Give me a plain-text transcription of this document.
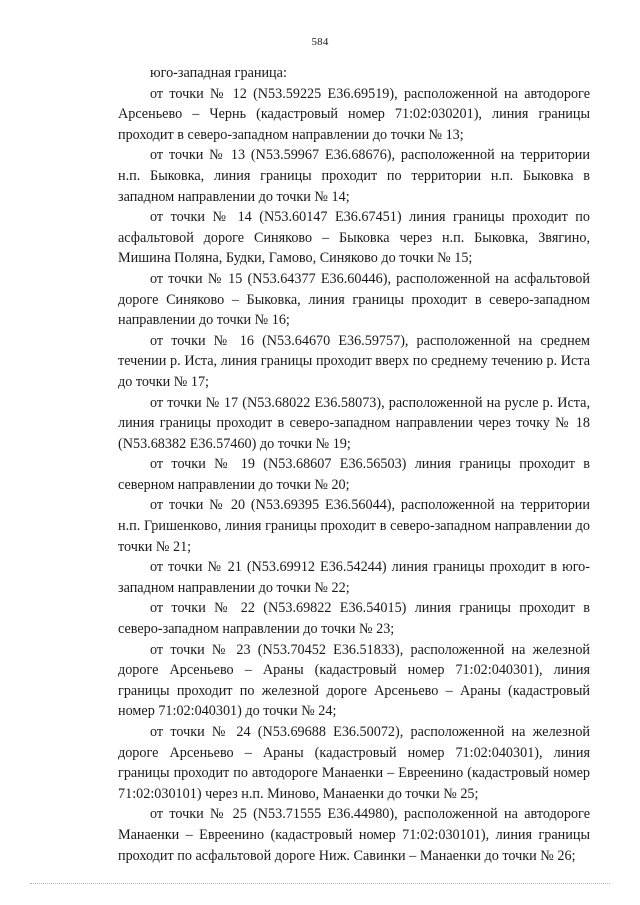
584

юго-западная граница:

от точки № 12 (N53.59225 E36.69519), расположенной на автодороге Арсеньево – Чернь (кадастровый номер 71:02:030201), линия границы проходит в северо-западном направлении до точки № 13;

от точки № 13 (N53.59967 E36.68676), расположенной на территории н.п. Быковка, линия границы проходит по территории н.п. Быковка в западном направлении до точки № 14;

от точки № 14 (N53.60147 E36.67451) линия границы проходит по асфальтовой дороге Синяково – Быковка через н.п. Быковка, Звягино, Мишина Поляна, Будки, Гамово, Синяково до точки № 15;

от точки № 15 (N53.64377 E36.60446), расположенной на асфальтовой дороге Синяково – Быковка, линия границы проходит в северо-западном направлении до точки № 16;

от точки № 16 (N53.64670 E36.59757), расположенной на среднем течении р. Иста, линия границы проходит вверх по среднему течению р. Иста до точки № 17;

от точки № 17 (N53.68022 E36.58073), расположенной на русле р. Иста, линия границы проходит в северо-западном направлении через точку № 18 (N53.68382 E36.57460) до точки № 19;

от точки № 19 (N53.68607 E36.56503) линия границы проходит в северном направлении до точки № 20;

от точки № 20 (N53.69395 E36.56044), расположенной на территории н.п. Гришенково, линия границы проходит в северо-западном направлении до точки № 21;

от точки № 21 (N53.69912 E36.54244) линия границы проходит в юго-западном направлении до точки № 22;

от точки № 22 (N53.69822 E36.54015) линия границы проходит в северо-западном направлении до точки № 23;

от точки № 23 (N53.70452 E36.51833), расположенной на железной дороге Арсеньево – Араны (кадастровый номер 71:02:040301), линия границы проходит по железной дороге Арсеньево – Араны (кадастровый номер 71:02:040301) до точки № 24;

от точки № 24 (N53.69688 E36.50072), расположенной на железной дороге Арсеньево – Араны (кадастровый номер 71:02:040301), линия границы проходит по автодороге Манаенки – Евреенино (кадастровый номер 71:02:030101) через н.п. Миново, Манаенки до точки № 25;

от точки № 25 (N53.71555 E36.44980), расположенной на автодороге Манаенки – Евреенино (кадастровый номер 71:02:030101), линия границы проходит по асфальтовой дороге Ниж. Савинки – Манаенки до точки № 26;
